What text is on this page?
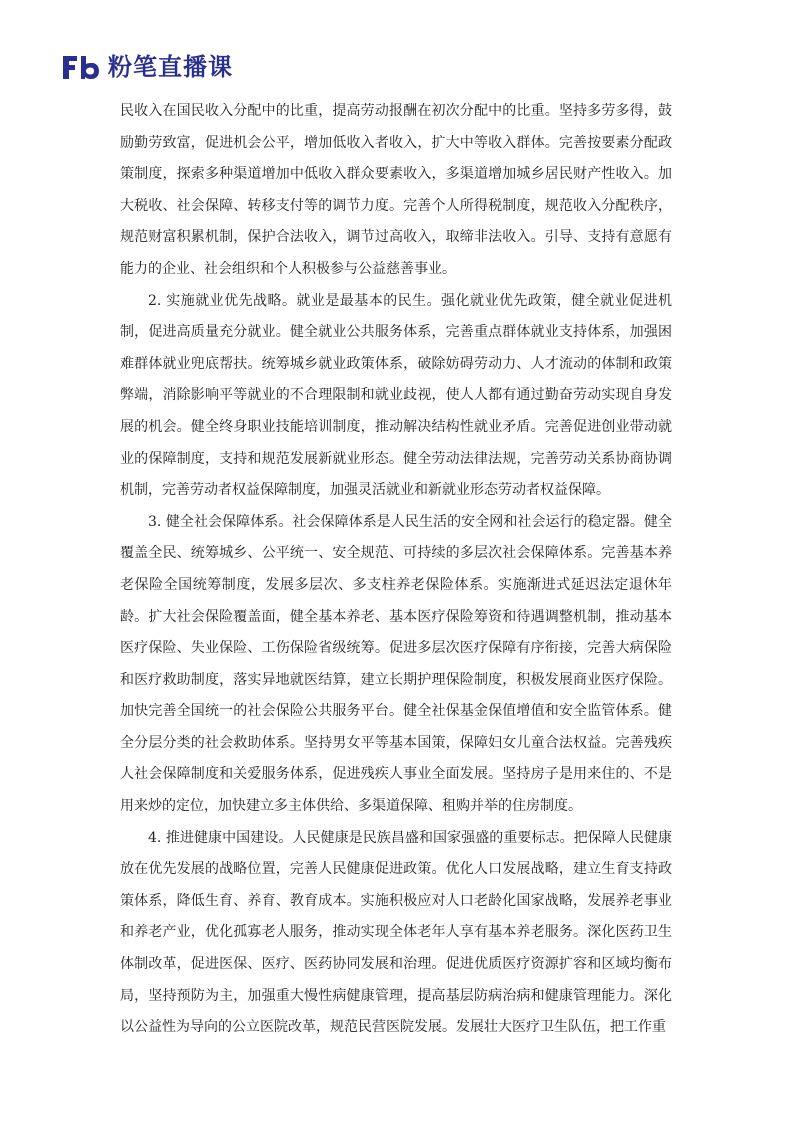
粉笔直播课

民收入在国民收入分配中的比重，提高劳动报酬在初次分配中的比重。坚持多劳多得，鼓励勤劳致富，促进机会公平，增加低收入者收入，扩大中等收入群体。完善按要素分配政策制度，探索多种渠道增加中低收入群众要素收入，多渠道增加城乡居民财产性收入。加大税收、社会保障、转移支付等的调节力度。完善个人所得税制度，规范收入分配秩序，规范财富积累机制，保护合法收入，调节过高收入，取缔非法收入。引导、支持有意愿有能力的企业、社会组织和个人积极参与公益慈善事业。

2. 实施就业优先战略。就业是最基本的民生。强化就业优先政策，健全就业促进机制，促进高质量充分就业。健全就业公共服务体系，完善重点群体就业支持体系，加强困难群体就业兜底帮扶。统筹城乡就业政策体系，破除妨碍劳动力、人才流动的体制和政策弊端，消除影响平等就业的不合理限制和就业歧视，使人人都有通过勤奋劳动实现自身发展的机会。健全终身职业技能培训制度，推动解决结构性就业矛盾。完善促进创业带动就业的保障制度，支持和规范发展新就业形态。健全劳动法律法规，完善劳动关系协商协调机制，完善劳动者权益保障制度，加强灵活就业和新就业形态劳动者权益保障。

3. 健全社会保障体系。社会保障体系是人民生活的安全网和社会运行的稳定器。健全覆盖全民、统筹城乡、公平统一、安全规范、可持续的多层次社会保障体系。完善基本养老保险全国统筹制度，发展多层次、多支柱养老保险体系。实施渐进式延迟法定退休年龄。扩大社会保险覆盖面，健全基本养老、基本医疗保险筹资和待遇调整机制，推动基本医疗保险、失业保险、工伤保险省级统筹。促进多层次医疗保障有序衔接，完善大病保险和医疗救助制度，落实异地就医结算，建立长期护理保险制度，积极发展商业医疗保险。加快完善全国统一的社会保险公共服务平台。健全社保基金保值增值和安全监管体系。健全分层分类的社会救助体系。坚持男女平等基本国策，保障妇女儿童合法权益。完善残疾人社会保障制度和关爱服务体系，促进残疾人事业全面发展。坚持房子是用来住的、不是用来炒的定位，加快建立多主体供给、多渠道保障、租购并举的住房制度。

4. 推进健康中国建设。人民健康是民族昌盛和国家强盛的重要标志。把保障人民健康放在优先发展的战略位置，完善人民健康促进政策。优化人口发展战略，建立生育支持政策体系，降低生育、养育、教育成本。实施积极应对人口老龄化国家战略，发展养老事业和养老产业，优化孤寡老人服务，推动实现全体老年人享有基本养老服务。深化医药卫生体制改革，促进医保、医疗、医药协同发展和治理。促进优质医疗资源扩容和区域均衡布局，坚持预防为主，加强重大慢性病健康管理，提高基层防病治病和健康管理能力。深化以公益性为导向的公立医院改革，规范民营医院发展。发展壮大医疗卫生队伍，把工作重
